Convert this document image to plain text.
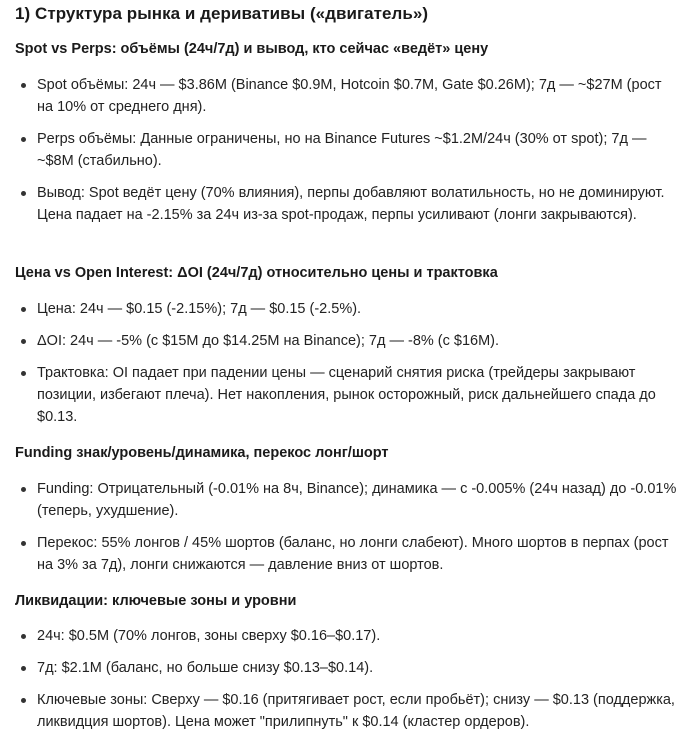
1) Структура рынка и деривативы («двигатель»)
Spot vs Perps: объёмы (24ч/7д) и вывод, кто сейчас «ведёт» цену
Spot объёмы: 24ч — $3.86M (Binance $0.9M, Hotcoin $0.7M, Gate $0.26M); 7д — ~$27M (рост на 10% от среднего дня).
Perps объёмы: Данные ограничены, но на Binance Futures ~$1.2M/24ч (30% от spot); 7д — ~$8M (стабильно).
Вывод: Spot ведёт цену (70% влияния), перпы добавляют волатильность, но не доминируют. Цена падает на -2.15% за 24ч из-за spot-продаж, перпы усиливают (лонги закрываются).
Цена vs Open Interest: ΔOI (24ч/7д) относительно цены и трактовка
Цена: 24ч — $0.15 (-2.15%); 7д — $0.15 (-2.5%).
ΔOI: 24ч — -5% (с $15M до $14.25M на Binance); 7д — -8% (с $16M).
Трактовка: OI падает при падении цены — сценарий снятия риска (трейдеры закрывают позиции, избегают плеча). Нет накопления, рынок осторожный, риск дальнейшего спада до $0.13.
Funding знак/уровень/динамика, перекос лонг/шорт
Funding: Отрицательный (-0.01% на 8ч, Binance); динамика — с -0.005% (24ч назад) до -0.01% (теперь, ухудшение).
Перекос: 55% лонгов / 45% шортов (баланс, но лонги слабеют). Много шортов в перпах (рост на 3% за 7д), лонги снижаются — давление вниз от шортов.
Ликвидации: ключевые зоны и уровни
24ч: $0.5M (70% лонгов, зоны сверху $0.16–$0.17).
7д: $2.1M (баланс, но больше снизу $0.13–$0.14).
Ключевые зоны: Сверху — $0.16 (притягивает рост, если пробьёт); снизу — $0.13 (поддержка, ликвидция шортов). Цена может "прилипнуть" к $0.14 (кластер ордеров).
